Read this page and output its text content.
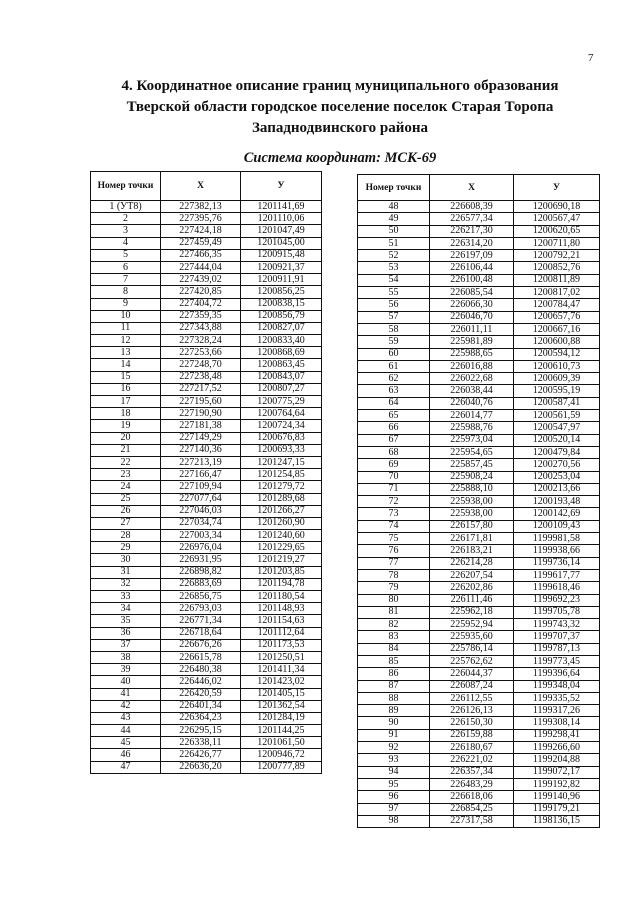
7
4. Координатное описание границ муниципального образования
Тверской области городское поселение поселок Старая Торопа
Западнодвинского района
Система координат: МСК-69
Номер точки	X	У
1 (УТ8)	227382,13	1201141,69
2	227395,76	1201110,06
3	227424,18	1201047,49
4	227459,49	1201045,00
5	227466,35	1200915,48
6	227444,04	1200921,37
7	227439,02	1200911,91
8	227420,85	1200856,25
9	227404,72	1200838,15
10	227359,35	1200856,79
11	227343,88	1200827,07
12	227328,24	1200833,40
13	227253,66	1200868,69
14	227248,70	1200863,45
15	227238,48	1200843,07
16	227217,52	1200807,27
17	227195,60	1200775,29
18	227190,90	1200764,64
19	227181,38	1200724,34
20	227149,29	1200676,83
21	227140,36	1200693,33
22	227213,19	1201247,15
23	227166,47	1201254,85
24	227109,94	1201279,72
25	227077,64	1201289,68
26	227046,03	1201266,27
27	227034,74	1201260,90
28	227003,34	1201240,60
29	226976,04	1201229,65
30	226931,95	1201219,27
31	226898,82	1201203,85
32	226883,69	1201194,78
33	226856,75	1201180,54
34	226793,03	1201148,93
35	226771,34	1201154,63
36	226718,64	1201112,64
37	226676,26	1201173,53
38	226615,78	1201250,51
39	226480,38	1201411,34
40	226446,02	1201423,02
41	226420,59	1201405,15
42	226401,34	1201362,54
43	226364,23	1201284,19
44	226295,15	1201144,25
45	226338,11	1201061,50
46	226426,77	1200946,72
47	226636,20	1200777,89
Номер точки	X	У
48	226608,39	1200690,18
49	226577,34	1200567,47
50	226217,30	1200620,65
51	226314,20	1200711,80
52	226197,09	1200792,21
53	226106,44	1200852,76
54	226100,48	1200811,89
55	226085,54	1200817,02
56	226066,30	1200784,47
57	226046,70	1200657,76
58	226011,11	1200667,16
59	225981,89	1200600,88
60	225988,65	1200594,12
61	226016,88	1200610,73
62	226022,68	1200609,39
63	226038,44	1200595,19
64	226040,76	1200587,41
65	226014,77	1200561,59
66	225988,76	1200547,97
67	225973,04	1200520,14
68	225954,65	1200479,84
69	225857,45	1200270,56
70	225908,24	1200253,04
71	225888,10	1200213,66
72	225938,00	1200193,48
73	225938,00	1200142,69
74	226157,80	1200109,43
75	226171,81	1199981,58
76	226183,21	1199938,66
77	226214,28	1199736,14
78	226207,54	1199617,77
79	226202,86	1199618,46
80	226111,46	1199692,23
81	225962,18	1199705,78
82	225952,94	1199743,32
83	225935,60	1199707,37
84	225786,14	1199787,13
85	225762,62	1199773,45
86	226044,37	1199396,64
87	226087,24	1199348,04
88	226112,55	1199335,52
89	226126,13	1199317,26
90	226150,30	1199308,14
91	226159,88	1199298,41
92	226180,67	1199266,60
93	226221,02	1199204,88
94	226357,34	1199072,17
95	226483,29	1199192,82
96	226618,06	1199140,96
97	226854,25	1199179,21
98	227317,58	1198136,15
